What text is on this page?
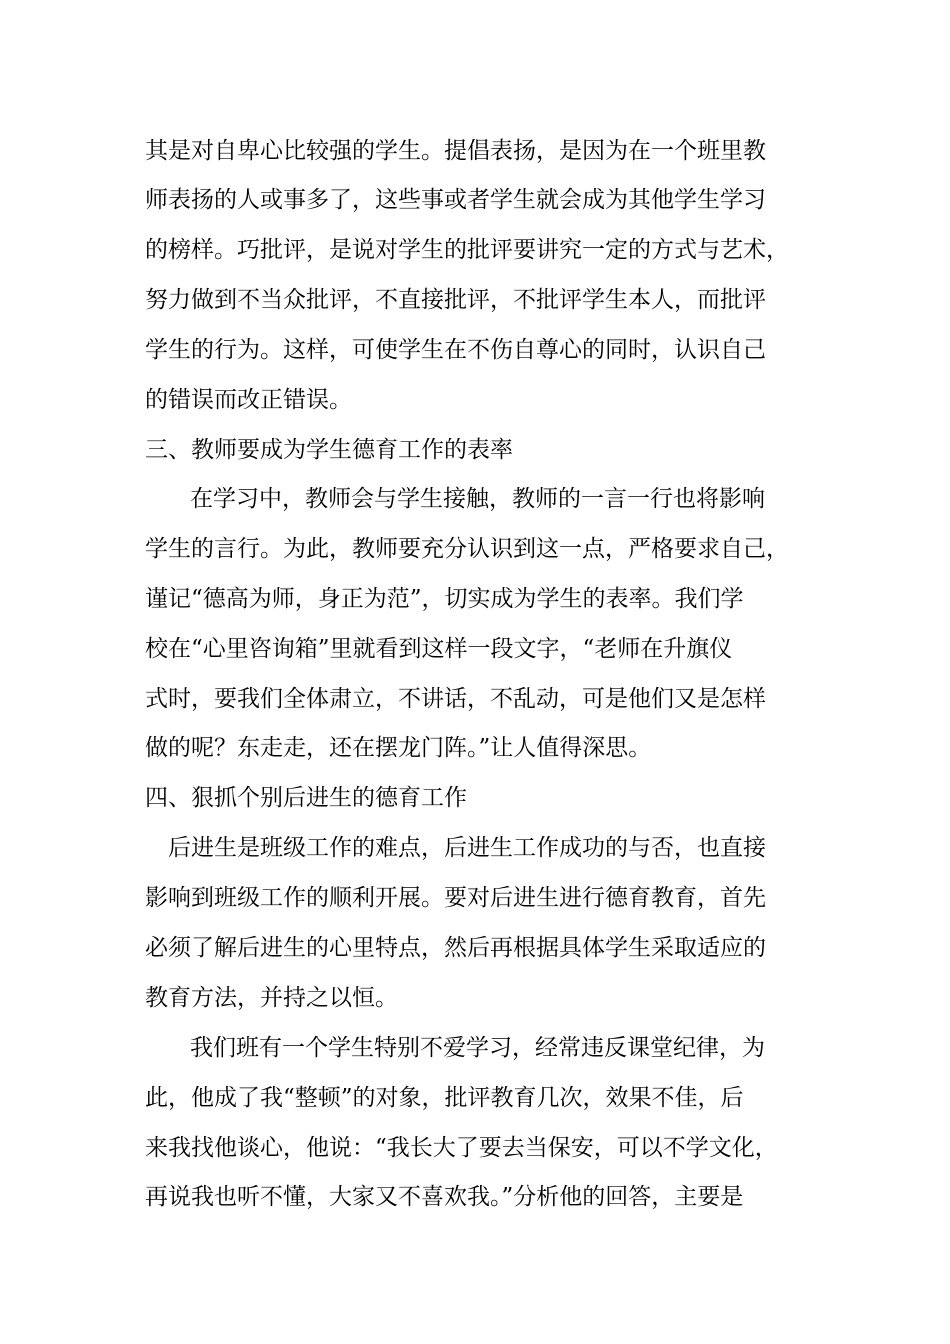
其是对自卑心比较强的学生。提倡表扬，是因为在一个班里教
师表扬的人或事多了，这些事或者学生就会成为其他学生学习
的榜样。巧批评，是说对学生的批评要讲究一定的方式与艺术，
努力做到不当众批评，不直接批评，不批评学生本人，而批评
学生的行为。这样，可使学生在不伤自尊心的同时，认识自己
的错误而改正错误。
三、教师要成为学生德育工作的表率
在学习中，教师会与学生接触，教师的一言一行也将影响
学生的言行。为此，教师要充分认识到这一点，严格要求自己，
谨记“德高为师，身正为范”，切实成为学生的表率。我们学
校在“心里咨询箱”里就看到这样一段文字，“老师在升旗仪
式时，要我们全体肃立，不讲话，不乱动，可是他们又是怎样
做的呢？东走走，还在摆龙门阵。”让人值得深思。
四、狠抓个别后进生的德育工作
后进生是班级工作的难点，后进生工作成功的与否，也直接
影响到班级工作的顺利开展。要对后进生进行德育教育，首先
必须了解后进生的心里特点，然后再根据具体学生采取适应的
教育方法，并持之以恒。
我们班有一个学生特别不爱学习，经常违反课堂纪律，为
此，他成了我“整顿”的对象，批评教育几次，效果不佳，后
来我找他谈心，他说：“我长大了要去当保安，可以不学文化，
再说我也听不懂，大家又不喜欢我。”分析他的回答，主要是
